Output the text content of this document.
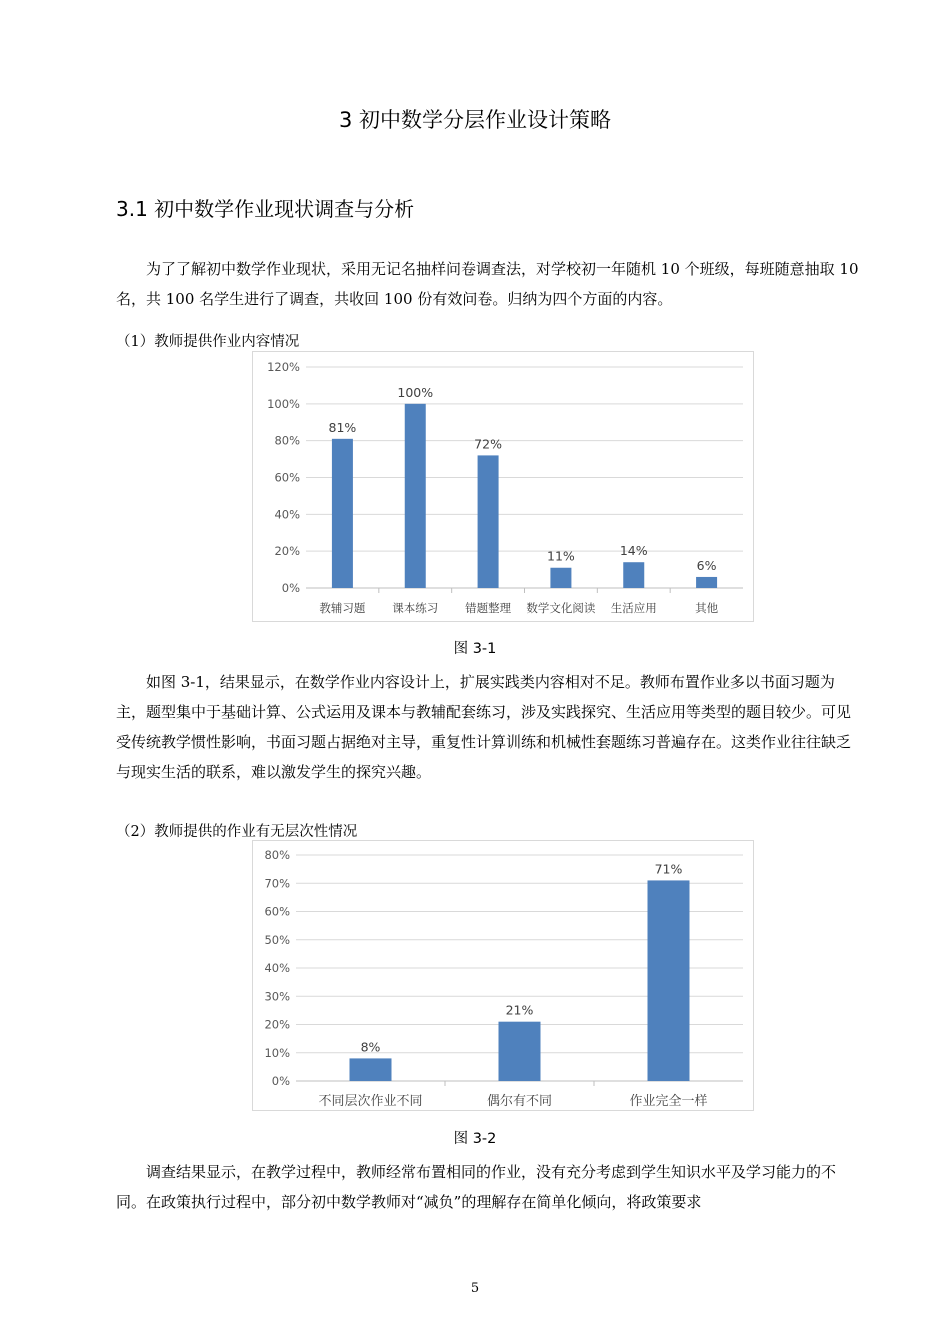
3 初中数学分层作业设计策略
3.1 初中数学作业现状调查与分析
为了了解初中数学作业现状，采用无记名抽样问卷调查法，对学校初一年随机 10 个班级，每班随意抽取 10 名，共 100 名学生进行了调查，共收回 100 份有效问卷。归纳为四个方面的内容。
（1）教师提供作业内容情况
0%
20%
40%
60%
80%
100%
120%
81%
教辅习题
100%
课本练习
72%
错题整理
11%
数学文化阅读
14%
生活应用
6%
其他
图 3-1
如图 3-1，结果显示，在数学作业内容设计上，扩展实践类内容相对不足。教师布置作业多以书面习题为主，题型集中于基础计算、公式运用及课本与教辅配套练习，涉及实践探究、生活应用等类型的题目较少。可见受传统教学惯性影响，书面习题占据绝对主导，重复性计算训练和机械性套题练习普遍存在。这类作业往往缺乏与现实生活的联系，难以激发学生的探究兴趣。
（2）教师提供的作业有无层次性情况
0%
10%
20%
30%
40%
50%
60%
70%
80%
8%
不同层次作业不同
21%
偶尔有不同
71%
作业完全一样
图 3-2
调查结果显示，在教学过程中，教师经常布置相同的作业，没有充分考虑到学生知识水平及学习能力的不同。在政策执行过程中，部分初中数学教师对“减负”的理解存在简单化倾向，将政策要求
5
